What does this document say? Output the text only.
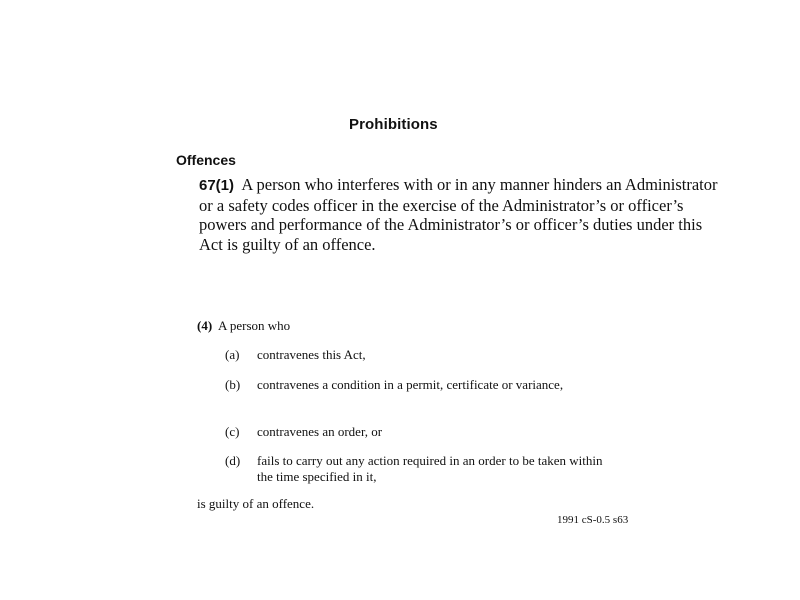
Prohibitions
Offences
67(1) A person who interferes with or in any manner hinders an Administrator or a safety codes officer in the exercise of the Administrator’s or officer’s powers and performance of the Administrator’s or officer’s duties under this Act is guilty of an offence.
(4) A person who
(a)	contravenes this Act,
(b)	contravenes a condition in a permit, certificate or variance,
(c)	contravenes an order, or
(d)	fails to carry out any action required in an order to be taken within the time specified in it,
is guilty of an offence.
1991 cS-0.5 s63
